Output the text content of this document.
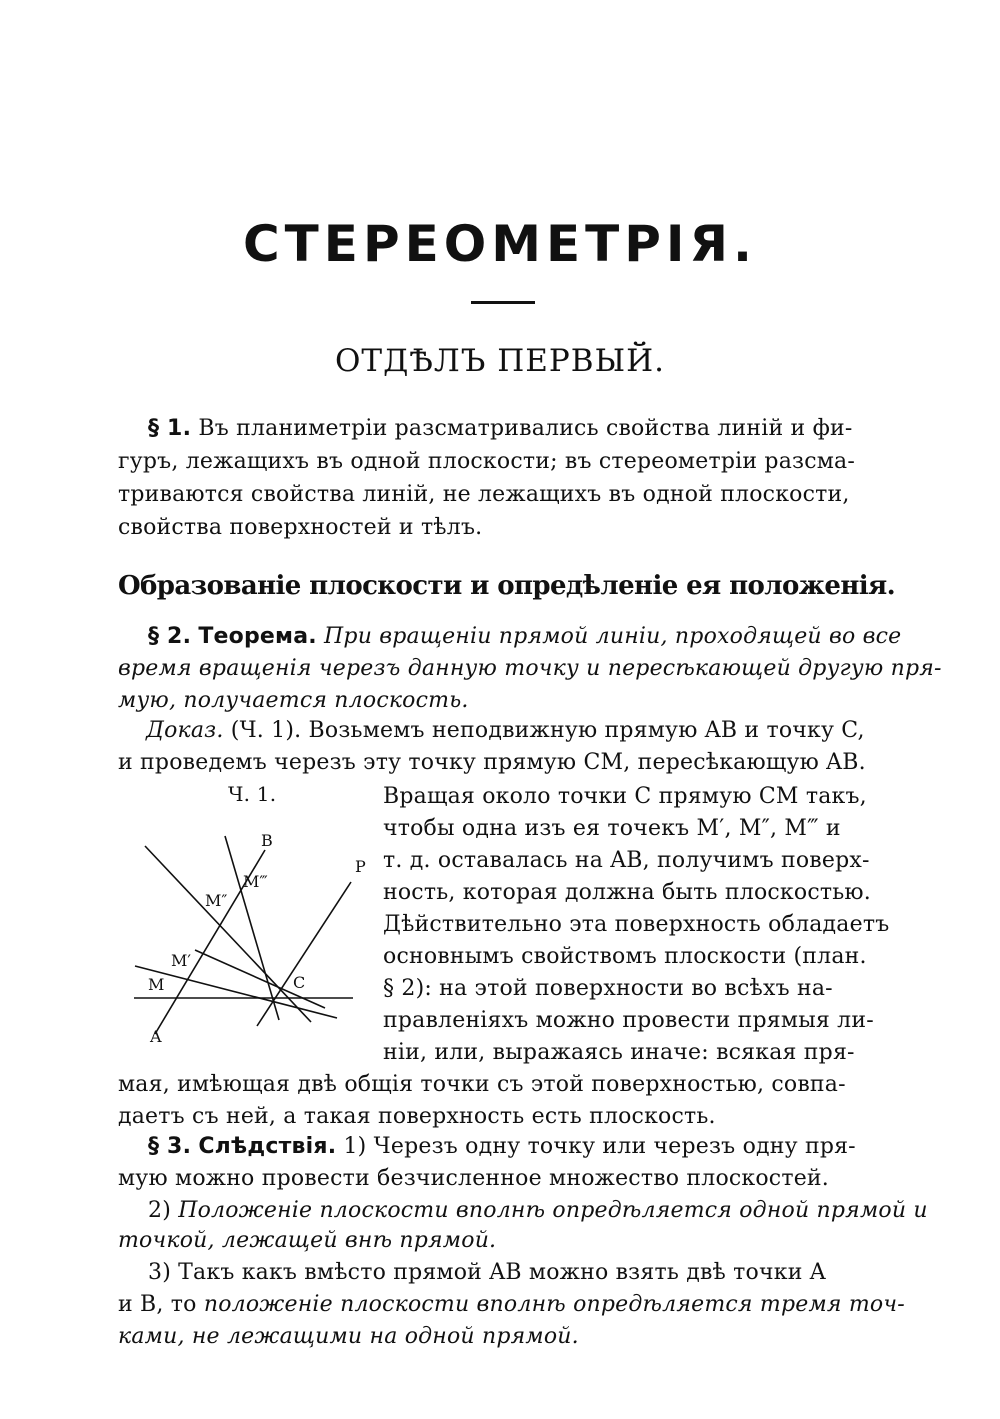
СТЕРЕОМЕТРІЯ.
ОТДѢЛЪ ПЕРВЫЙ.
§ 1. Въ планиметріи разсматривались свойства линій и фи-
гуръ, лежащихъ въ одной плоскости; въ стереометріи разсма-
триваются свойства линій, не лежащихъ въ одной плоскости,
свойства поверхностей и тѣлъ.
Образованіе плоскости и опредѣленіе ея положенія.
§ 2. Теорема. При вращеніи прямой линіи, проходящей во все
время вращенія черезъ данную точку и пересѣкающей другую пря-
мую, получается плоскость.
Доказ. (Ч. 1). Возьмемъ неподвижную прямую AB и точку C,
и проведемъ черезъ эту точку прямую CM, пересѣкающую AB.
Ч. 1.	Вращая около точки C прямую CM такъ,
чтобы одна изъ ея точекъ M′, M″, M‴ и
т. д. оставалась на AB, получимъ поверх-
ность, которая должна быть плоскостью.
Дѣйствительно эта поверхность обладаетъ
основнымъ свойствомъ плоскости (план.
§ 2): на этой поверхности во всѣхъ на-
правленіяхъ можно провести прямыя ли-
ніи, или, выражаясь иначе: всякая пря-
мая, имѣющая двѣ общія точки съ этой поверхностью, совпа-
даетъ съ ней, а такая поверхность есть плоскость.
B
P
M‴
M″
M′
M	C
A
§ 3. Слѣдствія. 1) Черезъ одну точку или черезъ одну пря-
мую можно провести безчисленное множество плоскостей.
2) Положеніе плоскости вполнѣ опредѣляется одной прямой и
точкой, лежащей внѣ прямой.
3) Такъ какъ вмѣсто прямой AB можно взять двѣ точки A
и B, то положеніе плоскости вполнѣ опредѣляется тремя точ-
ками, не лежащими на одной прямой.
